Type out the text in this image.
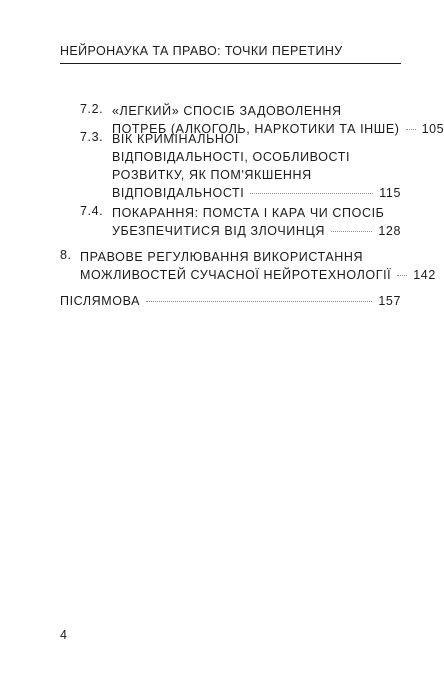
НЕЙРОНАУКА ТА ПРАВО: ТОЧКИ ПЕРЕТИНУ
7.2. «ЛЕГКИЙ» СПОСІБ ЗАДОВОЛЕННЯ
ПОТРЕБ (АЛКОГОЛЬ, НАРКОТИКИ ТА ІНШЕ) 105
7.3. ВІК КРИМІНАЛЬНОЇ
ВІДПОВІДАЛЬНОСТІ, ОСОБЛИВОСТІ
РОЗВИТКУ, ЯК ПОМ'ЯКШЕННЯ
ВІДПОВІДАЛЬНОСТІ	115
7.4. ПОКАРАННЯ: ПОМСТА І КАРА ЧИ СПОСІБ
УБЕЗПЕЧИТИСЯ ВІД ЗЛОЧИНЦЯ	128
8. ПРАВОВЕ РЕГУЛЮВАННЯ ВИКОРИСТАННЯ
МОЖЛИВОСТЕЙ СУЧАСНОЇ НЕЙРОТЕХНОЛОГІЇ 142
ПІСЛЯМОВА	157
4
